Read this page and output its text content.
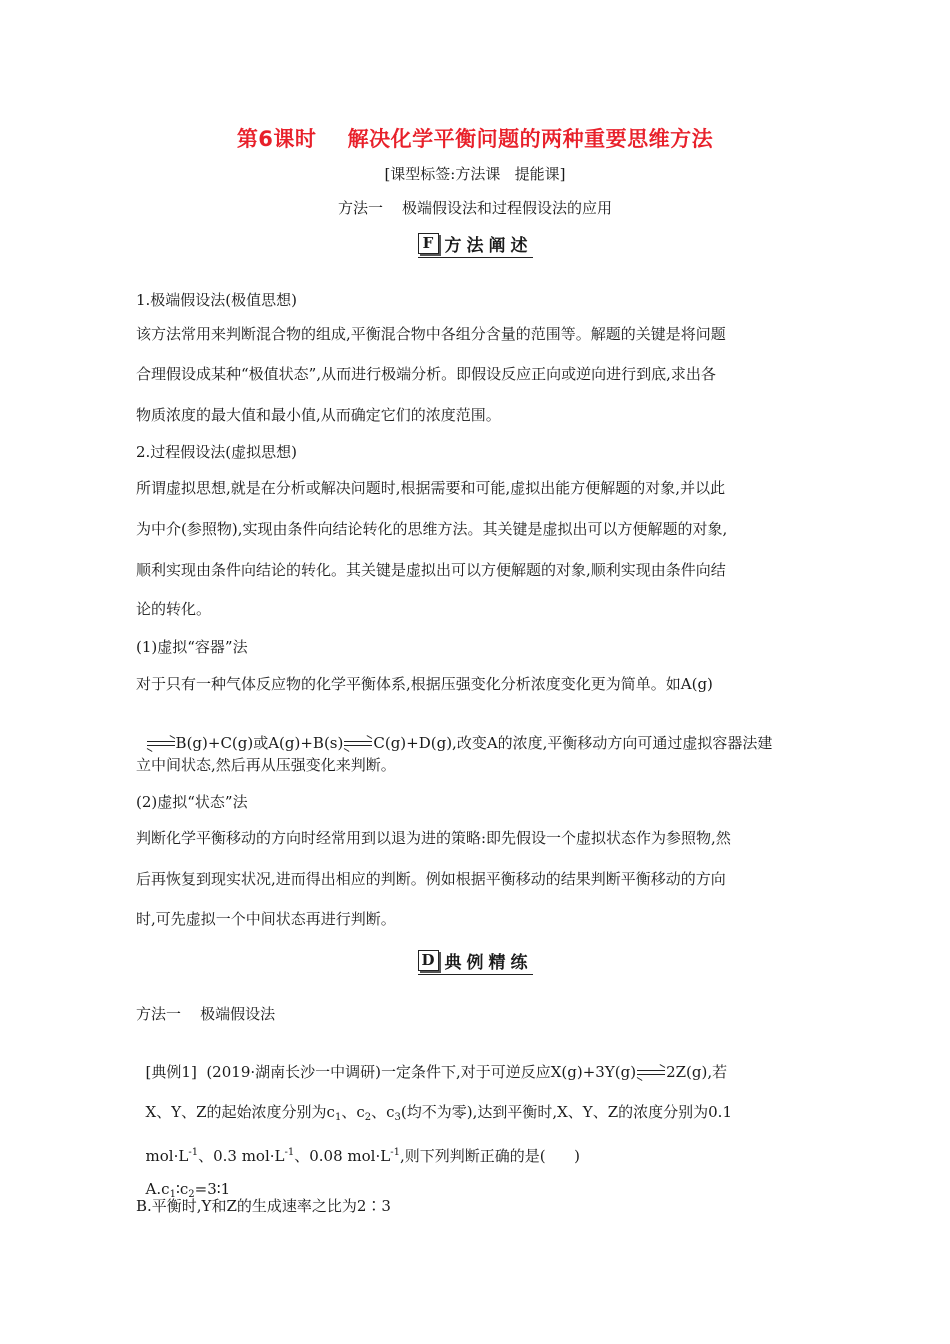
第6课时    解决化学平衡问题的两种重要思维方法
[课型标签:方法课   提能课]
方法一    极端假设法和过程假设法的应用
F 方法阐述
1.极端假设法(极值思想)
该方法常用来判断混合物的组成,平衡混合物中各组分含量的范围等。解题的关键是将问题
合理假设成某种“极值状态”,从而进行极端分析。即假设反应正向或逆向进行到底,求出各
物质浓度的最大值和最小值,从而确定它们的浓度范围。
2.过程假设法(虚拟思想)
所谓虚拟思想,就是在分析或解决问题时,根据需要和可能,虚拟出能方便解题的对象,并以此
为中介(参照物),实现由条件向结论转化的思维方法。其关键是虚拟出可以方便解题的对象,
顺利实现由条件向结论的转化。其关键是虚拟出可以方便解题的对象,顺利实现由条件向结
论的转化。
(1)虚拟“容器”法
对于只有一种气体反应物的化学平衡体系,根据压强变化分析浓度变化更为简单。如A(g)

B(g)+C(g)或A(g)+B(s) C(g)+D(g),改变A的浓度,平衡移动方向可通过虚拟容器法建

立中间状态,然后再从压强变化来判断。
(2)虚拟“状态”法
判断化学平衡移动的方向时经常用到以退为进的策略:即先假设一个虚拟状态作为参照物,然
后再恢复到现实状况,进而得出相应的判断。例如根据平衡移动的结果判断平衡移动的方向
时,可先虚拟一个中间状态再进行判断。
D 典例精练
方法一    极端假设法

[典例1]  (2019·湖南长沙一中调研)一定条件下,对于可逆反应X(g)+3Y(g) 2Z(g),若

X、Y、Z的起始浓度分别为$c_1$、$c_2$、$c_3$(均不为零),达到平衡时,X、Y、Z的浓度分别为0.1

$mol\cdot L^{-1}$、0.3 $mol\cdot L^{-1}$、0.08 $mol\cdot L^{-1}$,则下列判断正确的是(      )

$A.c_1∶c_2=3∶1$

B.平衡时,Y和Z的生成速率之比为2∶3
